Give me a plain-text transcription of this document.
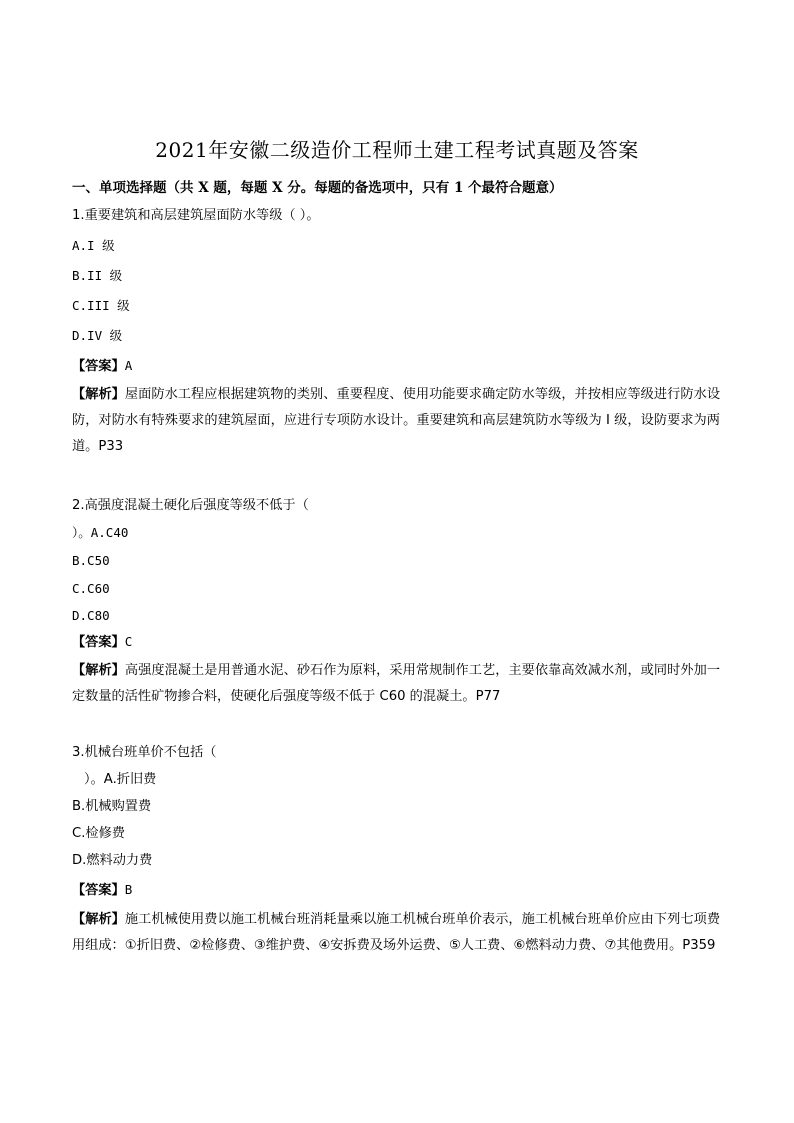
2021年安徽二级造价工程师土建工程考试真题及答案
一、单项选择题（共 X 题，每题 X 分。每题的备选项中，只有 1 个最符合题意）
1.重要建筑和高层建筑屋面防水等级（ ）。
A.I 级
B.II 级
C.III 级
D.IV 级
【答案】A
【解析】屋面防水工程应根据建筑物的类别、重要程度、使用功能要求确定防水等级，并按相应等级进行防水设防，对防水有特殊要求的建筑屋面，应进行专项防水设计。重要建筑和高层建筑防水等级为 I 级，设防要求为两道。P33
2.高强度混凝土硬化后强度等级不低于（
）。A.C40
B.C50
C.C60
D.C80
【答案】C
【解析】高强度混凝土是用普通水泥、砂石作为原料，采用常规制作工艺，主要依靠高效减水剂，或同时外加一定数量的活性矿物掺合料，使硬化后强度等级不低于 C60 的混凝土。P77
3.机械台班单价不包括（
）。A.折旧费
B.机械购置费
C.检修费
D.燃料动力费
【答案】B
【解析】施工机械使用费以施工机械台班消耗量乘以施工机械台班单价表示，施工机械台班单价应由下列七项费用组成：①折旧费、②检修费、③维护费、④安拆费及场外运费、⑤人工费、⑥燃料动力费、⑦其他费用。P359
